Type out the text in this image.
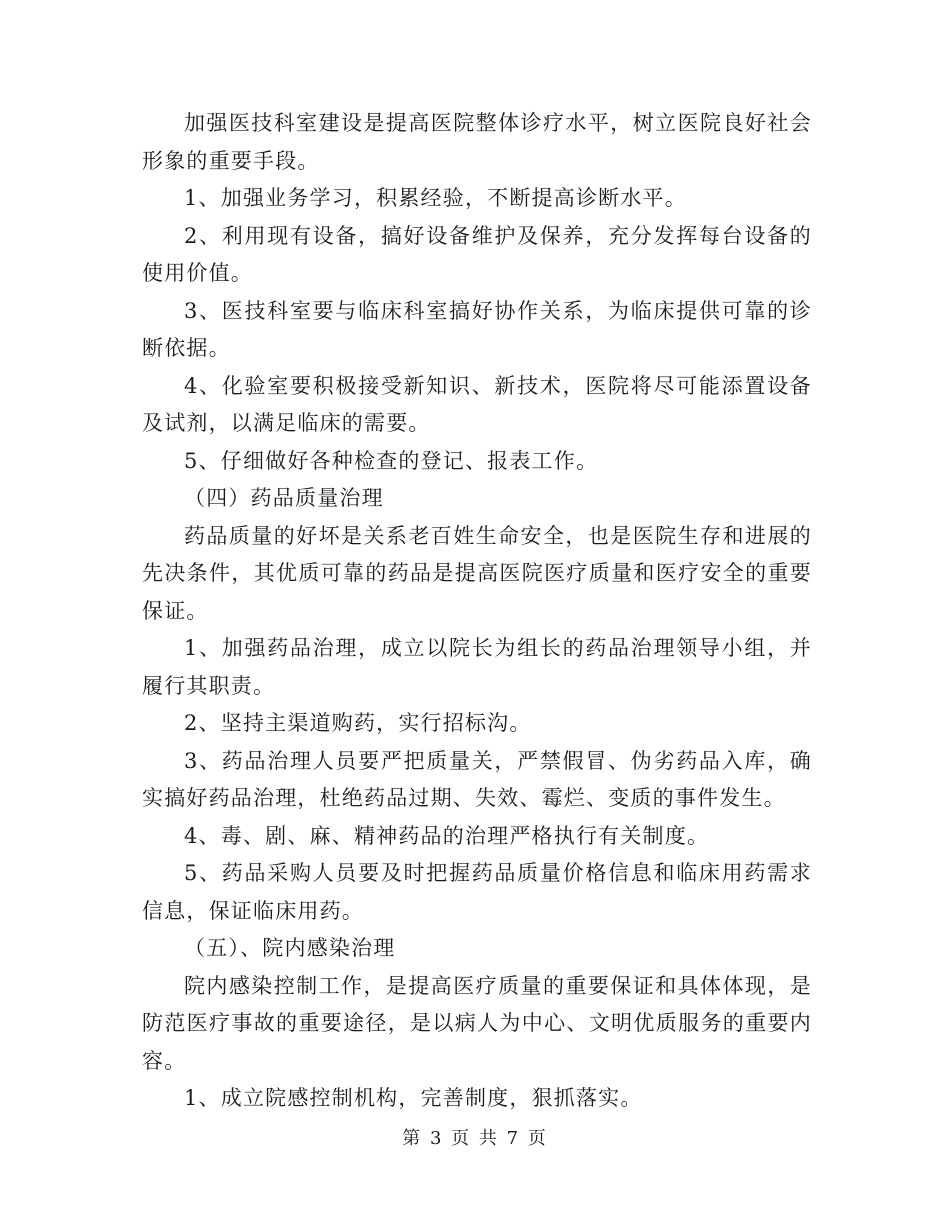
加强医技科室建设是提高医院整体诊疗水平，树立医院良好社会形象的重要手段。

1、加强业务学习，积累经验，不断提高诊断水平。

2、利用现有设备，搞好设备维护及保养，充分发挥每台设备的使用价值。

3、医技科室要与临床科室搞好协作关系，为临床提供可靠的诊断依据。

4、化验室要积极接受新知识、新技术，医院将尽可能添置设备及试剂，以满足临床的需要。

5、仔细做好各种检查的登记、报表工作。

（四）药品质量治理

药品质量的好坏是关系老百姓生命安全，也是医院生存和进展的先决条件，其优质可靠的药品是提高医院医疗质量和医疗安全的重要保证。

1、加强药品治理，成立以院长为组长的药品治理领导小组，并履行其职责。

2、坚持主渠道购药，实行招标沟。

3、药品治理人员要严把质量关，严禁假冒、伪劣药品入库，确实搞好药品治理，杜绝药品过期、失效、霉烂、变质的事件发生。

4、毒、剧、麻、精神药品的治理严格执行有关制度。

5、药品采购人员要及时把握药品质量价格信息和临床用药需求信息，保证临床用药。

（五）、院内感染治理

院内感染控制工作，是提高医疗质量的重要保证和具体体现，是防范医疗事故的重要途径，是以病人为中心、文明优质服务的重要内容。

1、成立院感控制机构，完善制度，狠抓落实。

第 3 页 共 7 页
